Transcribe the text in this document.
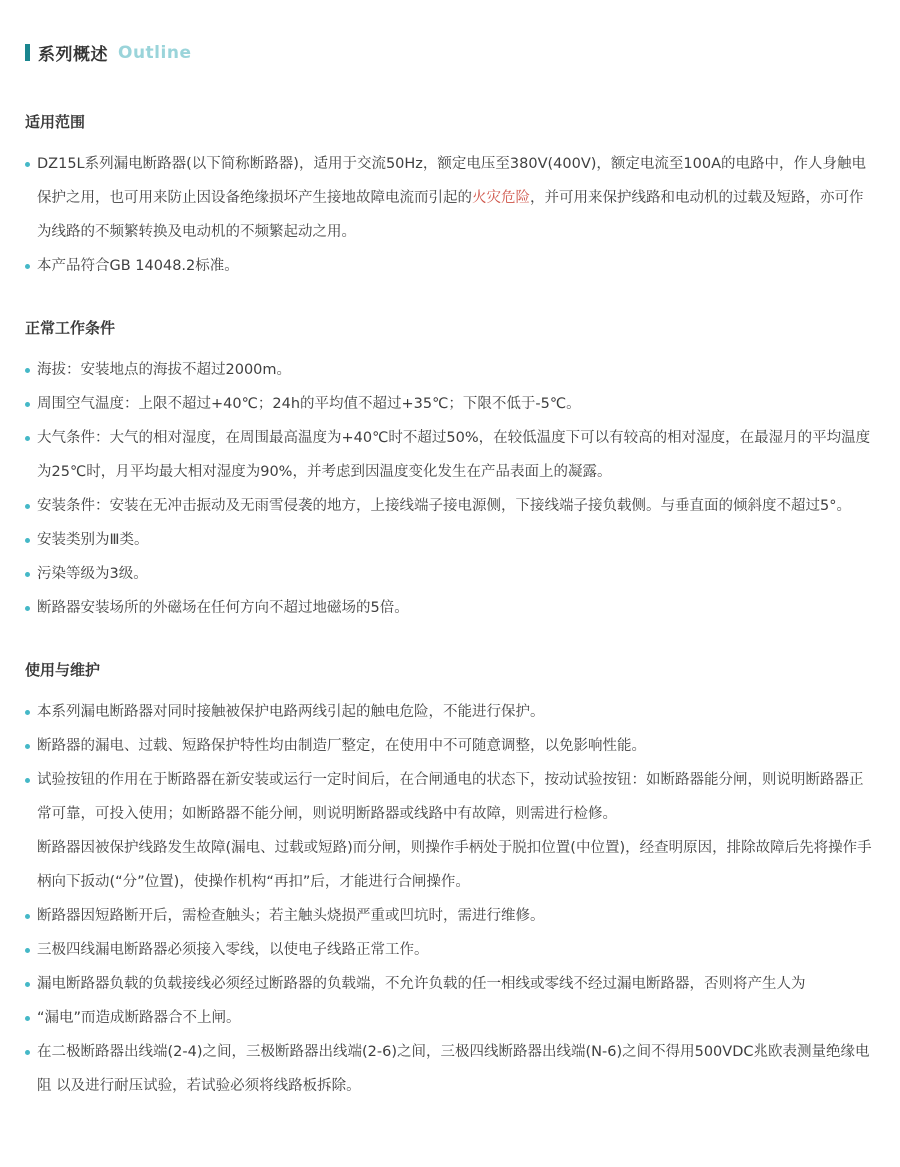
系列概述 Outline
适用范围
DZ15L系列漏电断路器(以下简称断路器)，适用于交流50Hz，额定电压至380V(400V)，额定电流至100A的电路中，作人身触电保护之用，也可用来防止因设备绝缘损坏产生接地故障电流而引起的火灾危险，并可用来保护线路和电动机的过载及短路，亦可作为线路的不频繁转换及电动机的不频繁起动之用。
本产品符合GB 14048.2标准。
正常工作条件
海拔：安装地点的海拔不超过2000m。
周围空气温度：上限不超过+40℃；24h的平均值不超过+35℃；下限不低于-5℃。
大气条件：大气的相对湿度，在周围最高温度为+40℃时不超过50%，在较低温度下可以有较高的相对湿度，在最湿月的平均温度为25℃时，月平均最大相对湿度为90%，并考虑到因温度变化发生在产品表面上的凝露。
安装条件：安装在无冲击振动及无雨雪侵袭的地方，上接线端子接电源侧，下接线端子接负载侧。与垂直面的倾斜度不超过5°。
安装类别为Ⅲ类。
污染等级为3级。
断路器安装场所的外磁场在任何方向不超过地磁场的5倍。
使用与维护
本系列漏电断路器对同时接触被保护电路两线引起的触电危险，不能进行保护。
断路器的漏电、过载、短路保护特性均由制造厂整定，在使用中不可随意调整，以免影响性能。
试验按钮的作用在于断路器在新安装或运行一定时间后，在合闸通电的状态下，按动试验按钮：如断路器能分闸，则说明断路器正常可靠，可投入使用；如断路器不能分闸，则说明断路器或线路中有故障，则需进行检修。
断路器因被保护线路发生故障(漏电、过载或短路)而分闸，则操作手柄处于脱扣位置(中位置)，经查明原因，排除故障后先将操作手柄向下扳动(“分”位置)，使操作机构“再扣”后，才能进行合闸操作。
断路器因短路断开后，需检查触头；若主触头烧损严重或凹坑时，需进行维修。
三极四线漏电断路器必须接入零线，以使电子线路正常工作。
漏电断路器负载的负载接线必须经过断路器的负载端，不允许负载的任一相线或零线不经过漏电断路器，否则将产生人为
“漏电”而造成断路器合不上闸。
在二极断路器出线端(2-4)之间，三极断路器出线端(2-6)之间，三极四线断路器出线端(N-6)之间不得用500VDC兆欧表测量绝缘电阻 以及进行耐压试验，若试验必须将线路板拆除。
